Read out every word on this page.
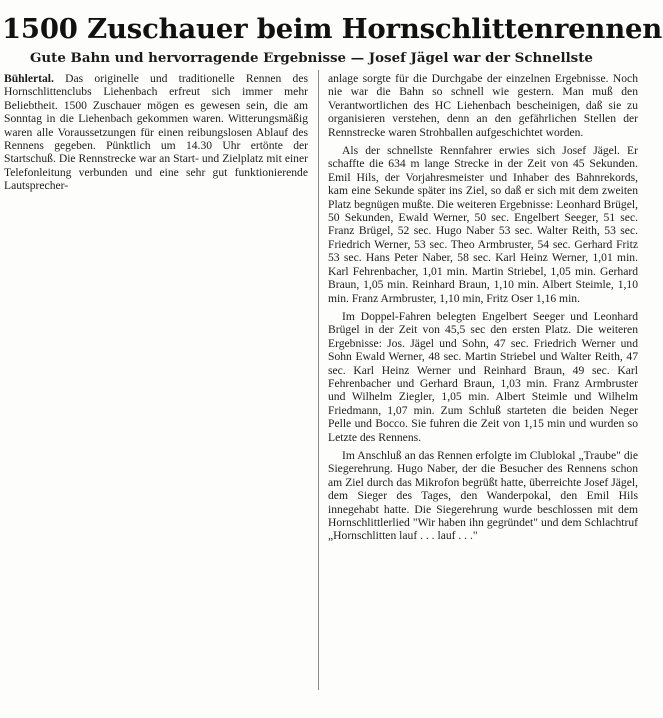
1500 Zuschauer beim Hornschlittenrennen
Gute Bahn und hervorragende Ergebnisse — Josef Jägel war der Schnellste

Bühlertal. Das originelle und traditionelle Rennen des Hornschlittenclubs Liehenbach erfreut sich immer mehr Beliebtheit. 1500 Zuschauer mögen es gewesen sein, die am Sonntag in die Liehenbach gekommen waren. Witterungsmäßig waren alle Voraussetzungen für einen reibungslosen Ablauf des Rennens gegeben. Pünktlich um 14.30 Uhr ertönte der Startschuß. Die Rennstrecke war an Start- und Zielplatz mit einer Telefonleitung verbunden und eine sehr gut funktionierende Lautsprecher-

anlage sorgte für die Durchgabe der einzelnen Ergebnisse. Noch nie war die Bahn so schnell wie gestern. Man muß den Verantwortlichen des HC Liehenbach bescheinigen, daß sie zu organisieren verstehen, denn an den gefährlichen Stellen der Rennstrecke waren Strohballen aufgeschichtet worden.

Als der schnellste Rennfahrer erwies sich Josef Jägel. Er schaffte die 634 m lange Strecke in der Zeit von 45 Sekunden. Emil Hils, der Vorjahresmeister und Inhaber des Bahnrekords, kam eine Sekunde später ins Ziel, so daß er sich mit dem zweiten Platz begnügen mußte. Die weiteren Ergebnisse: Leonhard Brügel, 50 Sekunden, Ewald Werner, 50 sec. Engelbert Seeger, 51 sec. Franz Brügel, 52 sec. Hugo Naber 53 sec. Walter Reith, 53 sec. Friedrich Werner, 53 sec. Theo Armbruster, 54 sec. Gerhard Fritz 53 sec. Hans Peter Naber, 58 sec. Karl Heinz Werner, 1,01 min. Karl Fehrenbacher, 1,01 min. Martin Striebel, 1,05 min. Gerhard Braun, 1,05 min. Reinhard Braun, 1,10 min. Albert Steimle, 1,10 min. Franz Armbruster, 1,10 min, Fritz Oser 1,16 min.

Im Doppel-Fahren belegten Engelbert Seeger und Leonhard Brügel in der Zeit von 45,5 sec den ersten Platz. Die weiteren Ergebnisse: Jos. Jägel und Sohn, 47 sec. Friedrich Werner und Sohn Ewald Werner, 48 sec. Martin Striebel und Walter Reith, 47 sec. Karl Heinz Werner und Reinhard Braun, 49 sec. Karl Fehrenbacher und Gerhard Braun, 1,03 min. Franz Armbruster und Wilhelm Ziegler, 1,05 min. Albert Steimle und Wilhelm Friedmann, 1,07 min. Zum Schluß starteten die beiden Neger Pelle und Bocco. Sie fuhren die Zeit von 1,15 min und wurden so Letzte des Rennens.

Im Anschluß an das Rennen erfolgte im Clublokal „Traube" die Siegerehrung. Hugo Naber, der die Besucher des Rennens schon am Ziel durch das Mikrofon begrüßt hatte, überreichte Josef Jägel, dem Sieger des Tages, den Wanderpokal, den Emil Hils innegehabt hatte. Die Siegerehrung wurde beschlossen mit dem Hornschlittlerlied "Wir haben ihn gegründet" und dem Schlachtruf „Hornschlitten lauf . . . lauf . . ."
